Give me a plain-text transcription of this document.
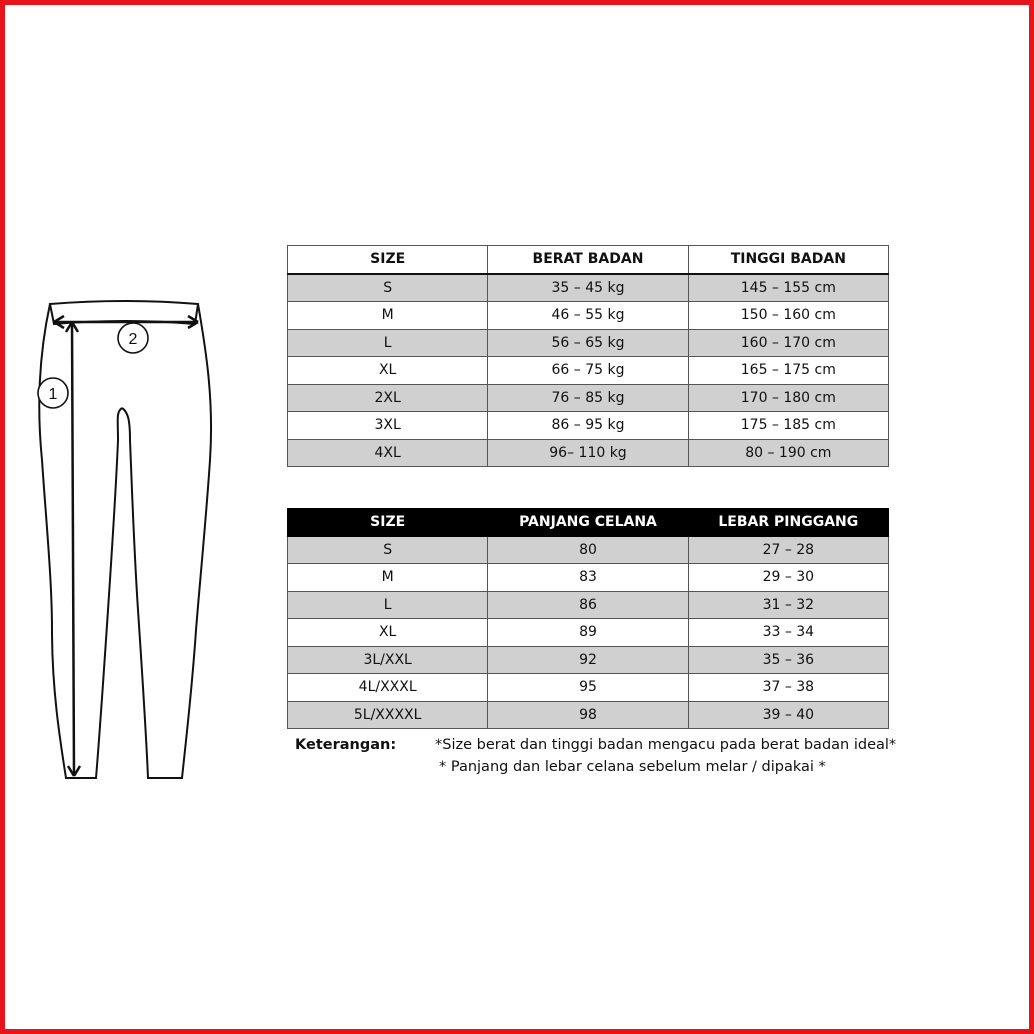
2
1
SIZE	BERAT BADAN	TINGGI BADAN
S	35 – 45 kg	145 – 155 cm
M	46 – 55 kg	150 – 160 cm
L	56 – 65 kg	160 – 170 cm
XL	66 – 75 kg	165 – 175 cm
2XL	76 – 85 kg	170 – 180 cm
3XL	86 – 95 kg	175 – 185 cm
4XL	96– 110 kg	80 – 190 cm
SIZE	PANJANG CELANA	LEBAR PINGGANG
S	80	27 – 28
M	83	29 – 30
L	86	31 – 32
XL	89	33 – 34
3L/XXL	92	35 – 36
4L/XXXL	95	37 – 38
5L/XXXXL	98	39 – 40
Keterangan:	*Size berat dan tinggi badan mengacu pada berat badan ideal*
* Panjang dan lebar celana sebelum melar / dipakai *
